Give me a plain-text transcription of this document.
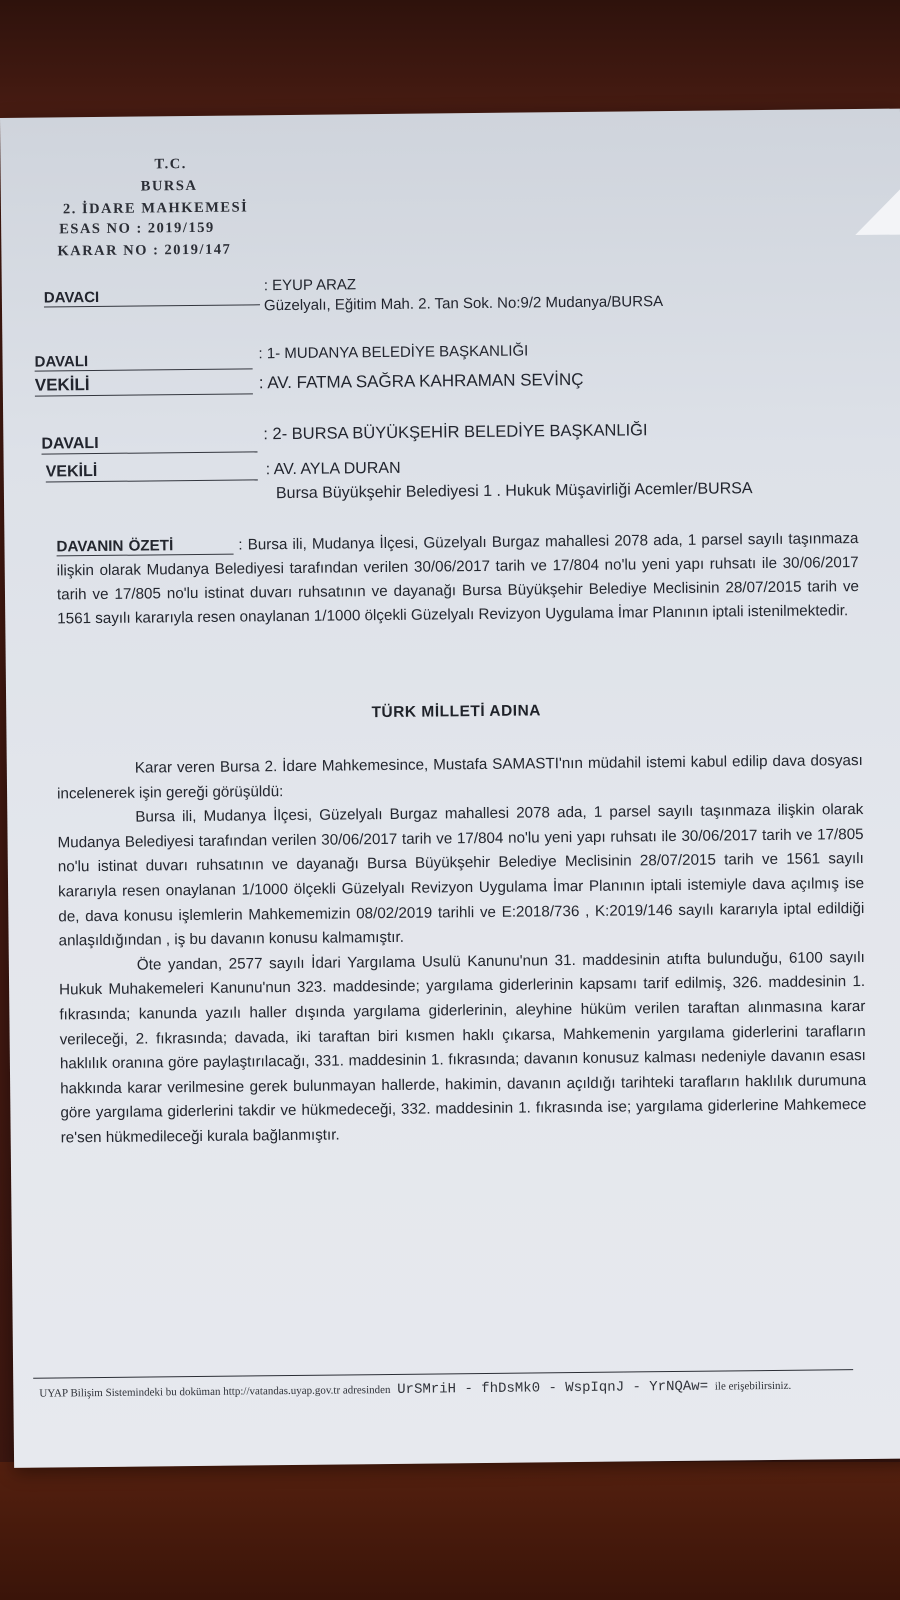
T.C.
BURSA
2. İDARE MAHKEMESİ
ESAS NO : 2019/159
KARAR NO : 2019/147
DAVACI
: EYUP ARAZ
Güzelyalı, Eğitim Mah. 2. Tan Sok. No:9/2 Mudanya/BURSA
DAVALI	: 1- MUDANYA BELEDİYE BAŞKANLIĞI
VEKİLİ	: AV. FATMA SAĞRA KAHRAMAN SEVİNÇ
DAVALI
: 2- BURSA BÜYÜKŞEHİR BELEDİYE BAŞKANLIĞI
VEKİLİ	: AV. AYLA DURAN
Bursa Büyükşehir Belediyesi 1 . Hukuk Müşavirliği Acemler/BURSA
DAVANIN ÖZETİ	: Bursa ili, Mudanya İlçesi, Güzelyalı Burgaz mahallesi 2078 ada, 1 parsel sayılı taşınmaza ilişkin olarak Mudanya Belediyesi tarafından verilen 30/06/2017 tarih ve 17/804 no'lu yeni yapı ruhsatı ile 30/06/2017 tarih ve 17/805 no'lu istinat duvarı ruhsatının ve dayanağı Bursa Büyükşehir Belediye Meclisinin 28/07/2015 tarih ve 1561 sayılı kararıyla resen onaylanan 1/1000 ölçekli Güzelyalı Revizyon Uygulama İmar Planının iptali istenilmektedir.
TÜRK MİLLETİ ADINA

Karar veren Bursa 2. İdare Mahkemesince, Mustafa SAMASTI'nın müdahil istemi kabul edilip dava dosyası incelenerek işin gereği görüşüldü:

Bursa ili, Mudanya İlçesi, Güzelyalı Burgaz mahallesi 2078 ada, 1 parsel sayılı taşınmaza ilişkin olarak Mudanya Belediyesi tarafından verilen 30/06/2017 tarih ve 17/804 no'lu yeni yapı ruhsatı ile 30/06/2017 tarih ve 17/805 no'lu istinat duvarı ruhsatının ve dayanağı Bursa Büyükşehir Belediye Meclisinin 28/07/2015 tarih ve 1561 sayılı kararıyla resen onaylanan 1/1000 ölçekli Güzelyalı Revizyon Uygulama İmar Planının iptali istemiyle dava açılmış ise de, dava konusu işlemlerin Mahkememizin 08/02/2019 tarihli ve E:2018/736 , K:2019/146 sayılı kararıyla iptal edildiği anlaşıldığından , iş bu davanın konusu kalmamıştır.

Öte yandan, 2577 sayılı İdari Yargılama Usulü Kanunu'nun 31. maddesinin atıfta bulunduğu, 6100 sayılı Hukuk Muhakemeleri Kanunu'nun 323. maddesinde; yargılama giderlerinin kapsamı tarif edilmiş, 326. maddesinin 1. fıkrasında; kanunda yazılı haller dışında yargılama giderlerinin, aleyhine hüküm verilen taraftan alınmasına karar verileceği, 2. fıkrasında; davada, iki taraftan biri kısmen haklı çıkarsa, Mahkemenin yargılama giderlerini tarafların haklılık oranına göre paylaştırılacağı, 331. maddesinin 1. fıkrasında; davanın konusuz kalması nedeniyle davanın esası hakkında karar verilmesine gerek bulunmayan hallerde, hakimin, davanın açıldığı tarihteki tarafların haklılık durumuna göre yargılama giderlerini takdir ve hükmedeceği, 332. maddesinin 1. fıkrasında ise; yargılama giderlerine Mahkemece re'sen hükmedileceği kurala bağlanmıştır.

UYAP Bilişim Sistemindeki bu doküman http://vatandas.uyap.gov.tr adresinden UrSMriH - fhDsMk0 - WspIqnJ - YrNQAw= ile erişebilirsiniz.
